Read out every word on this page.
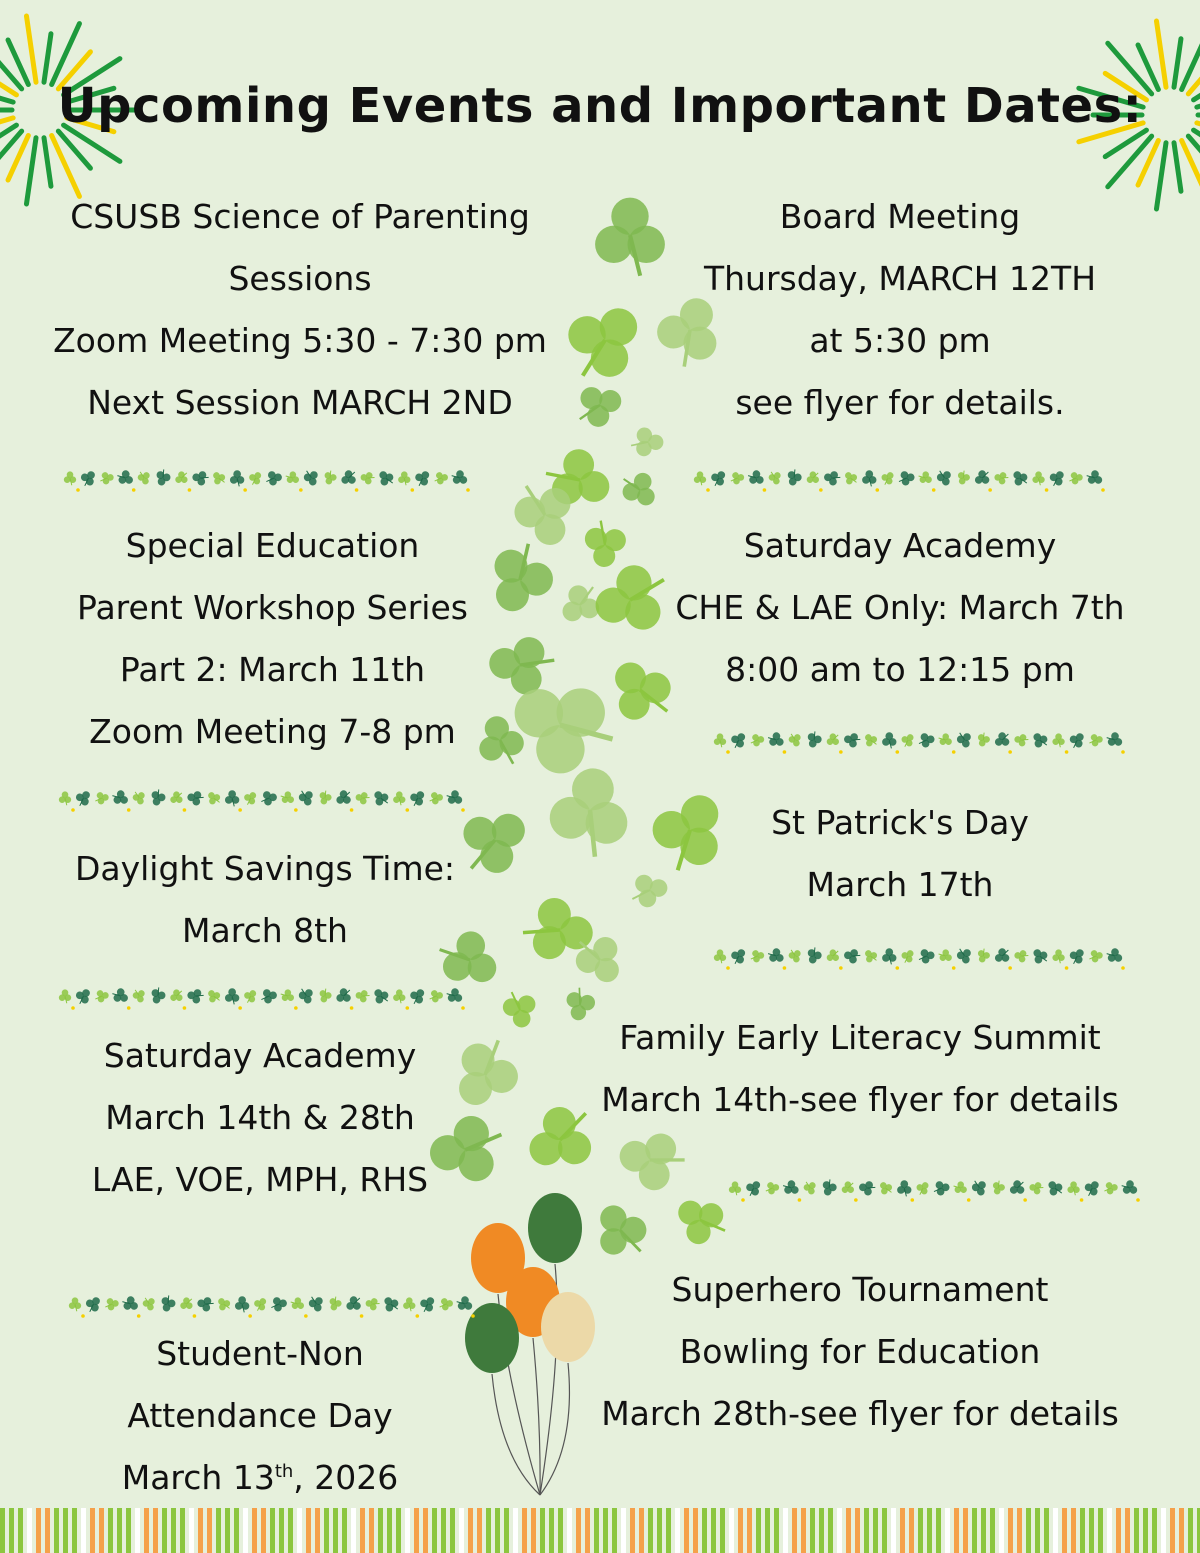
Upcoming Events and Important Dates:
CSUSB Science of Parenting
Sessions
Zoom Meeting 5:30 - 7:30 pm
Next Session MARCH 2ND
Special Education
Parent Workshop Series
Part 2: March 11th
Zoom Meeting 7-8 pm
Daylight Savings Time:
March 8th
Saturday Academy
March 14th & 28th
LAE, VOE, MPH, RHS
Student-Non
Attendance Day
March 13th, 2026
Board Meeting
Thursday, MARCH 12TH
at 5:30 pm
see flyer for details.
Saturday Academy
CHE & LAE Only: March 7th
8:00 am to 12:15 pm
St Patrick's Day
March 17th
Family Early Literacy Summit
March 14th-see flyer for details
Superhero Tournament
Bowling for Education
March 28th-see flyer for details
